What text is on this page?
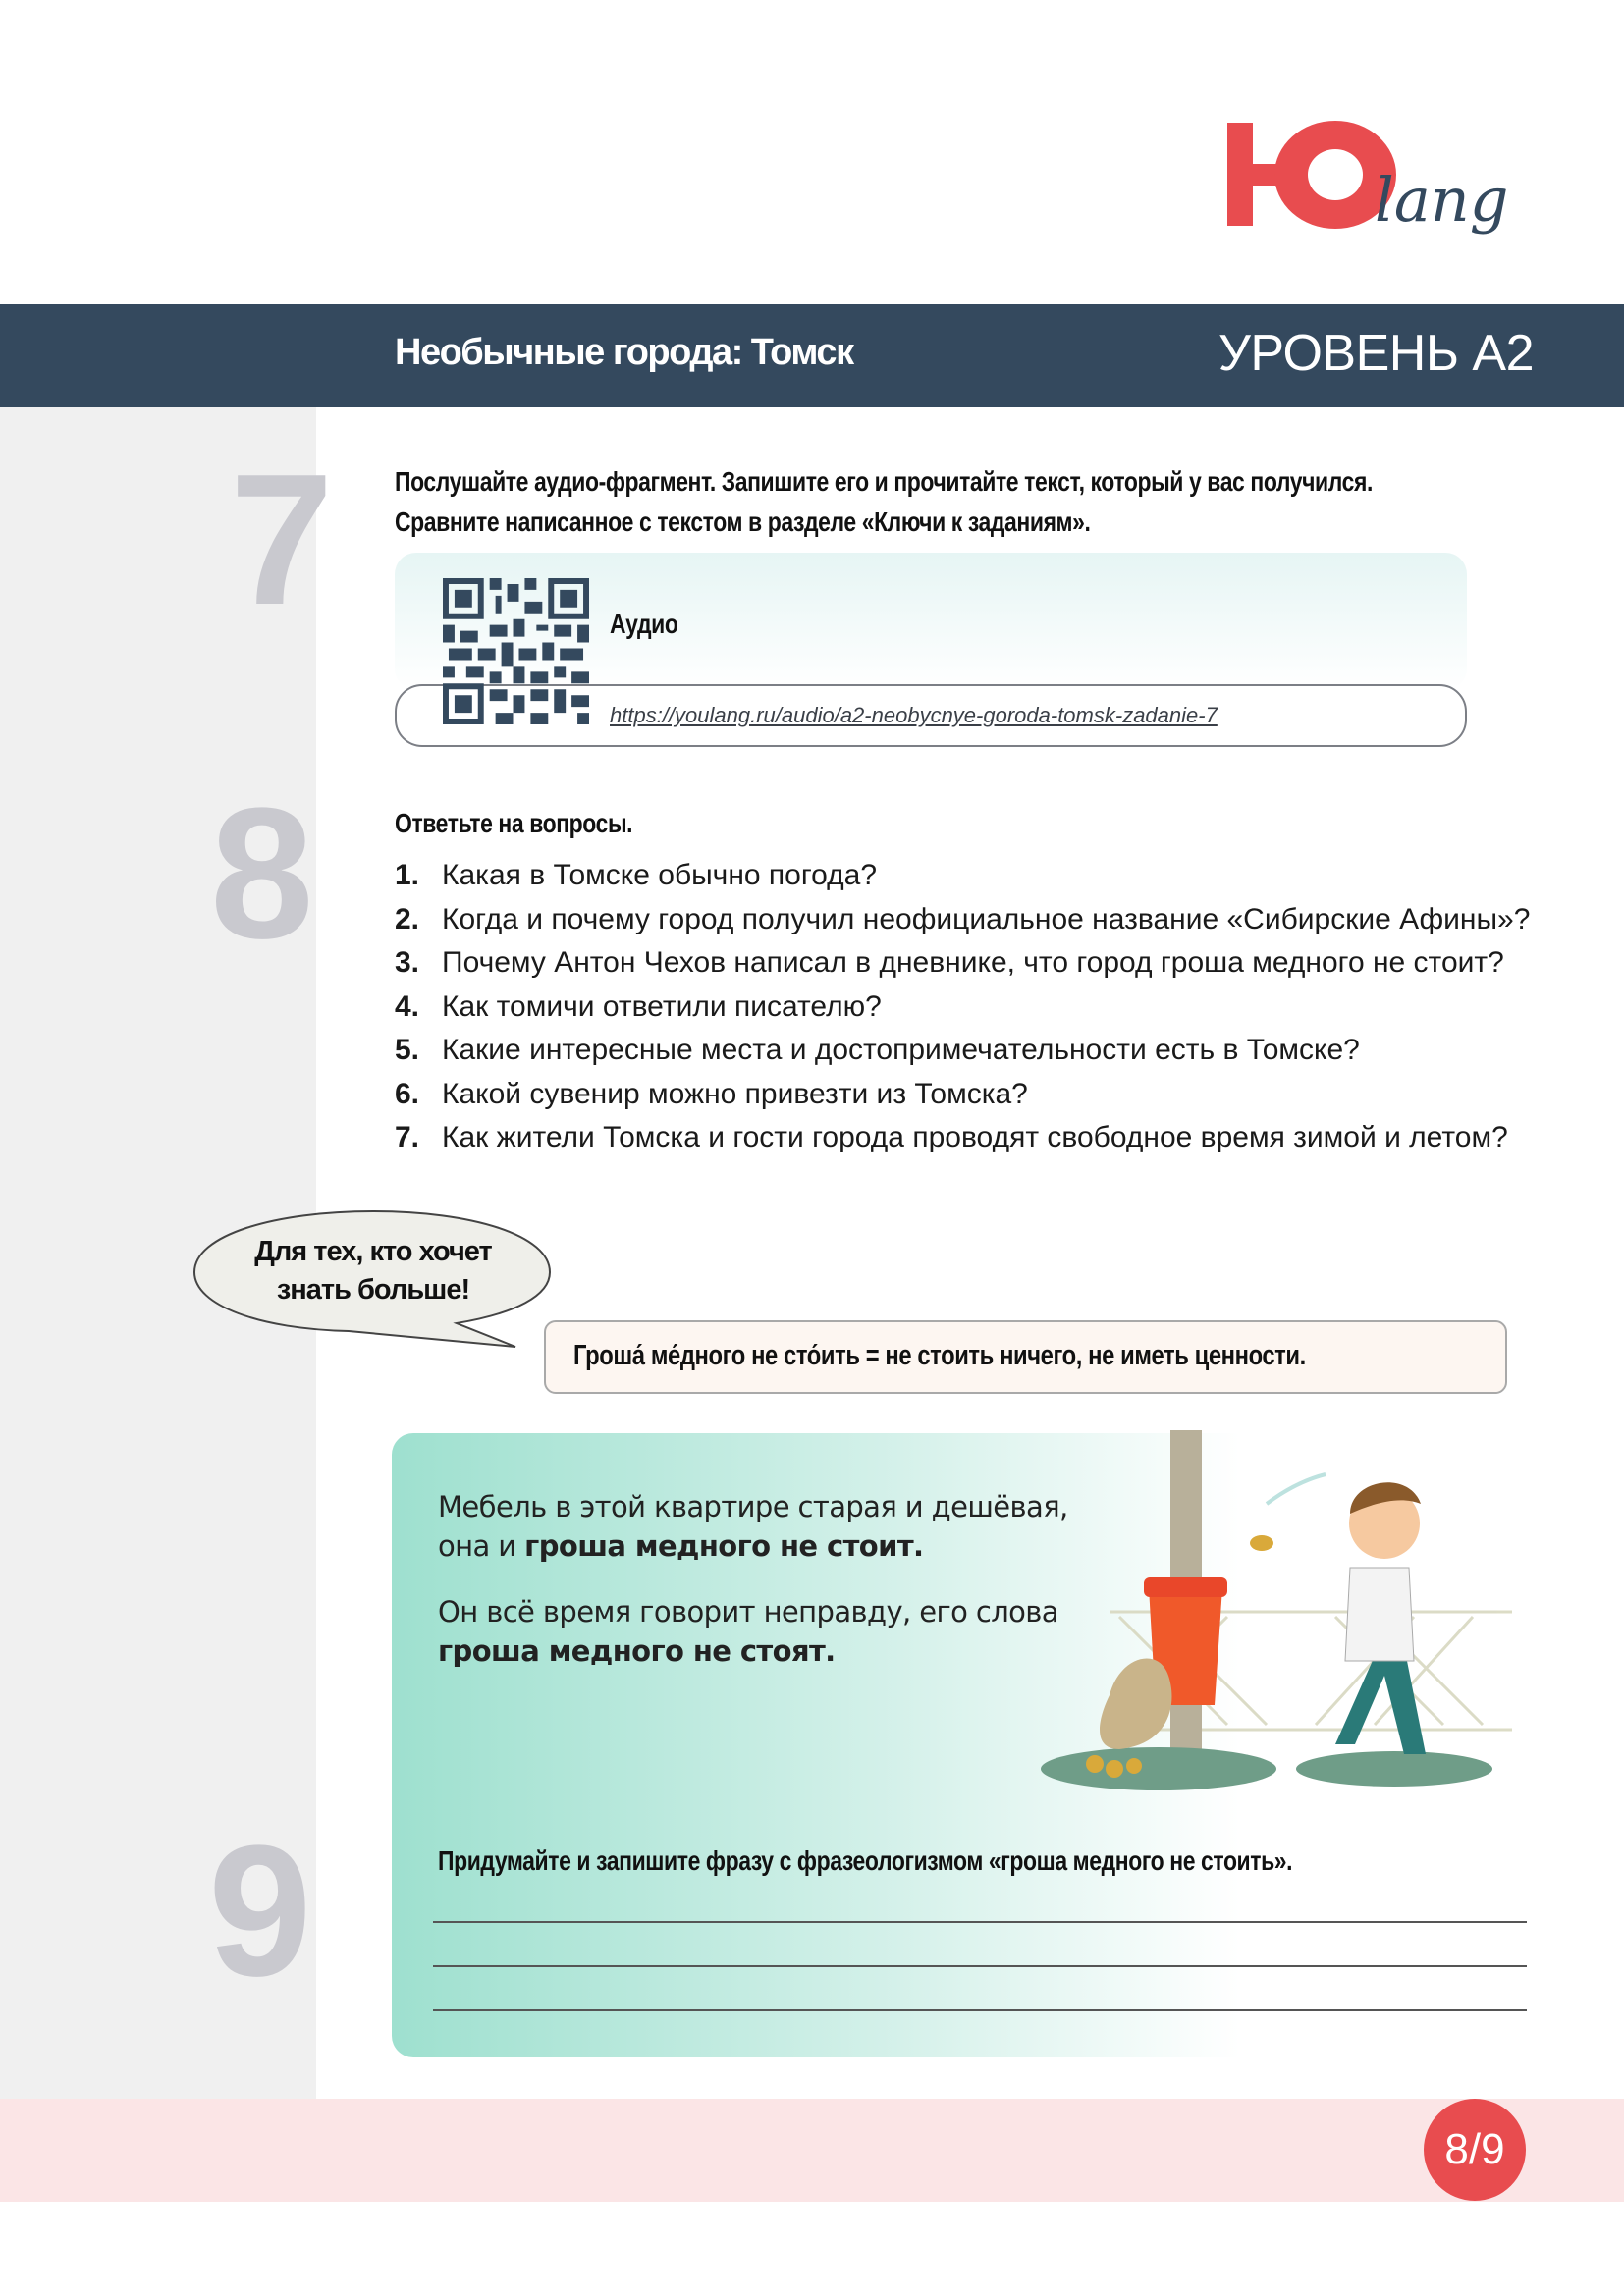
lang
Необычные города: Томск	УРОВЕНЬ А2
7 Послушайте аудио-фрагмент. Запишите его и прочитайте текст, который у вас получился.
Сравните написанное с текстом в разделе «Ключи к заданиям».
Аудио
https://youlang.ru/audio/a2-neobycnye-goroda-tomsk-zadanie-7
8	Ответьте на вопросы.
1. Какая в Томске обычно погода?
2. Когда и почему город получил неофициальное название «Сибирские Афины»?
3. Почему Антон Чехов написал в дневнике, что город гроша медного не стоит?
4. Как томичи ответили писателю?
5. Какие интересные места и достопримечательности есть в Томске?
6. Какой сувенир можно привезти из Томска?
7. Как жители Томска и гости города проводят свободное время зимой и летом?
Для тех, кто хочет
знать больше!
Гроша́ ме́дного не сто́ить = не стоить ничего, не иметь ценности.
Мебель в этой квартире старая и дешёвая,
она и гроша медного не стоит.
Он всё время говорит неправду, его слова
гроша медного не стоят.
9	Придумайте и запишите фразу с фразеологизмом «гроша медного не стоить».
8/9
